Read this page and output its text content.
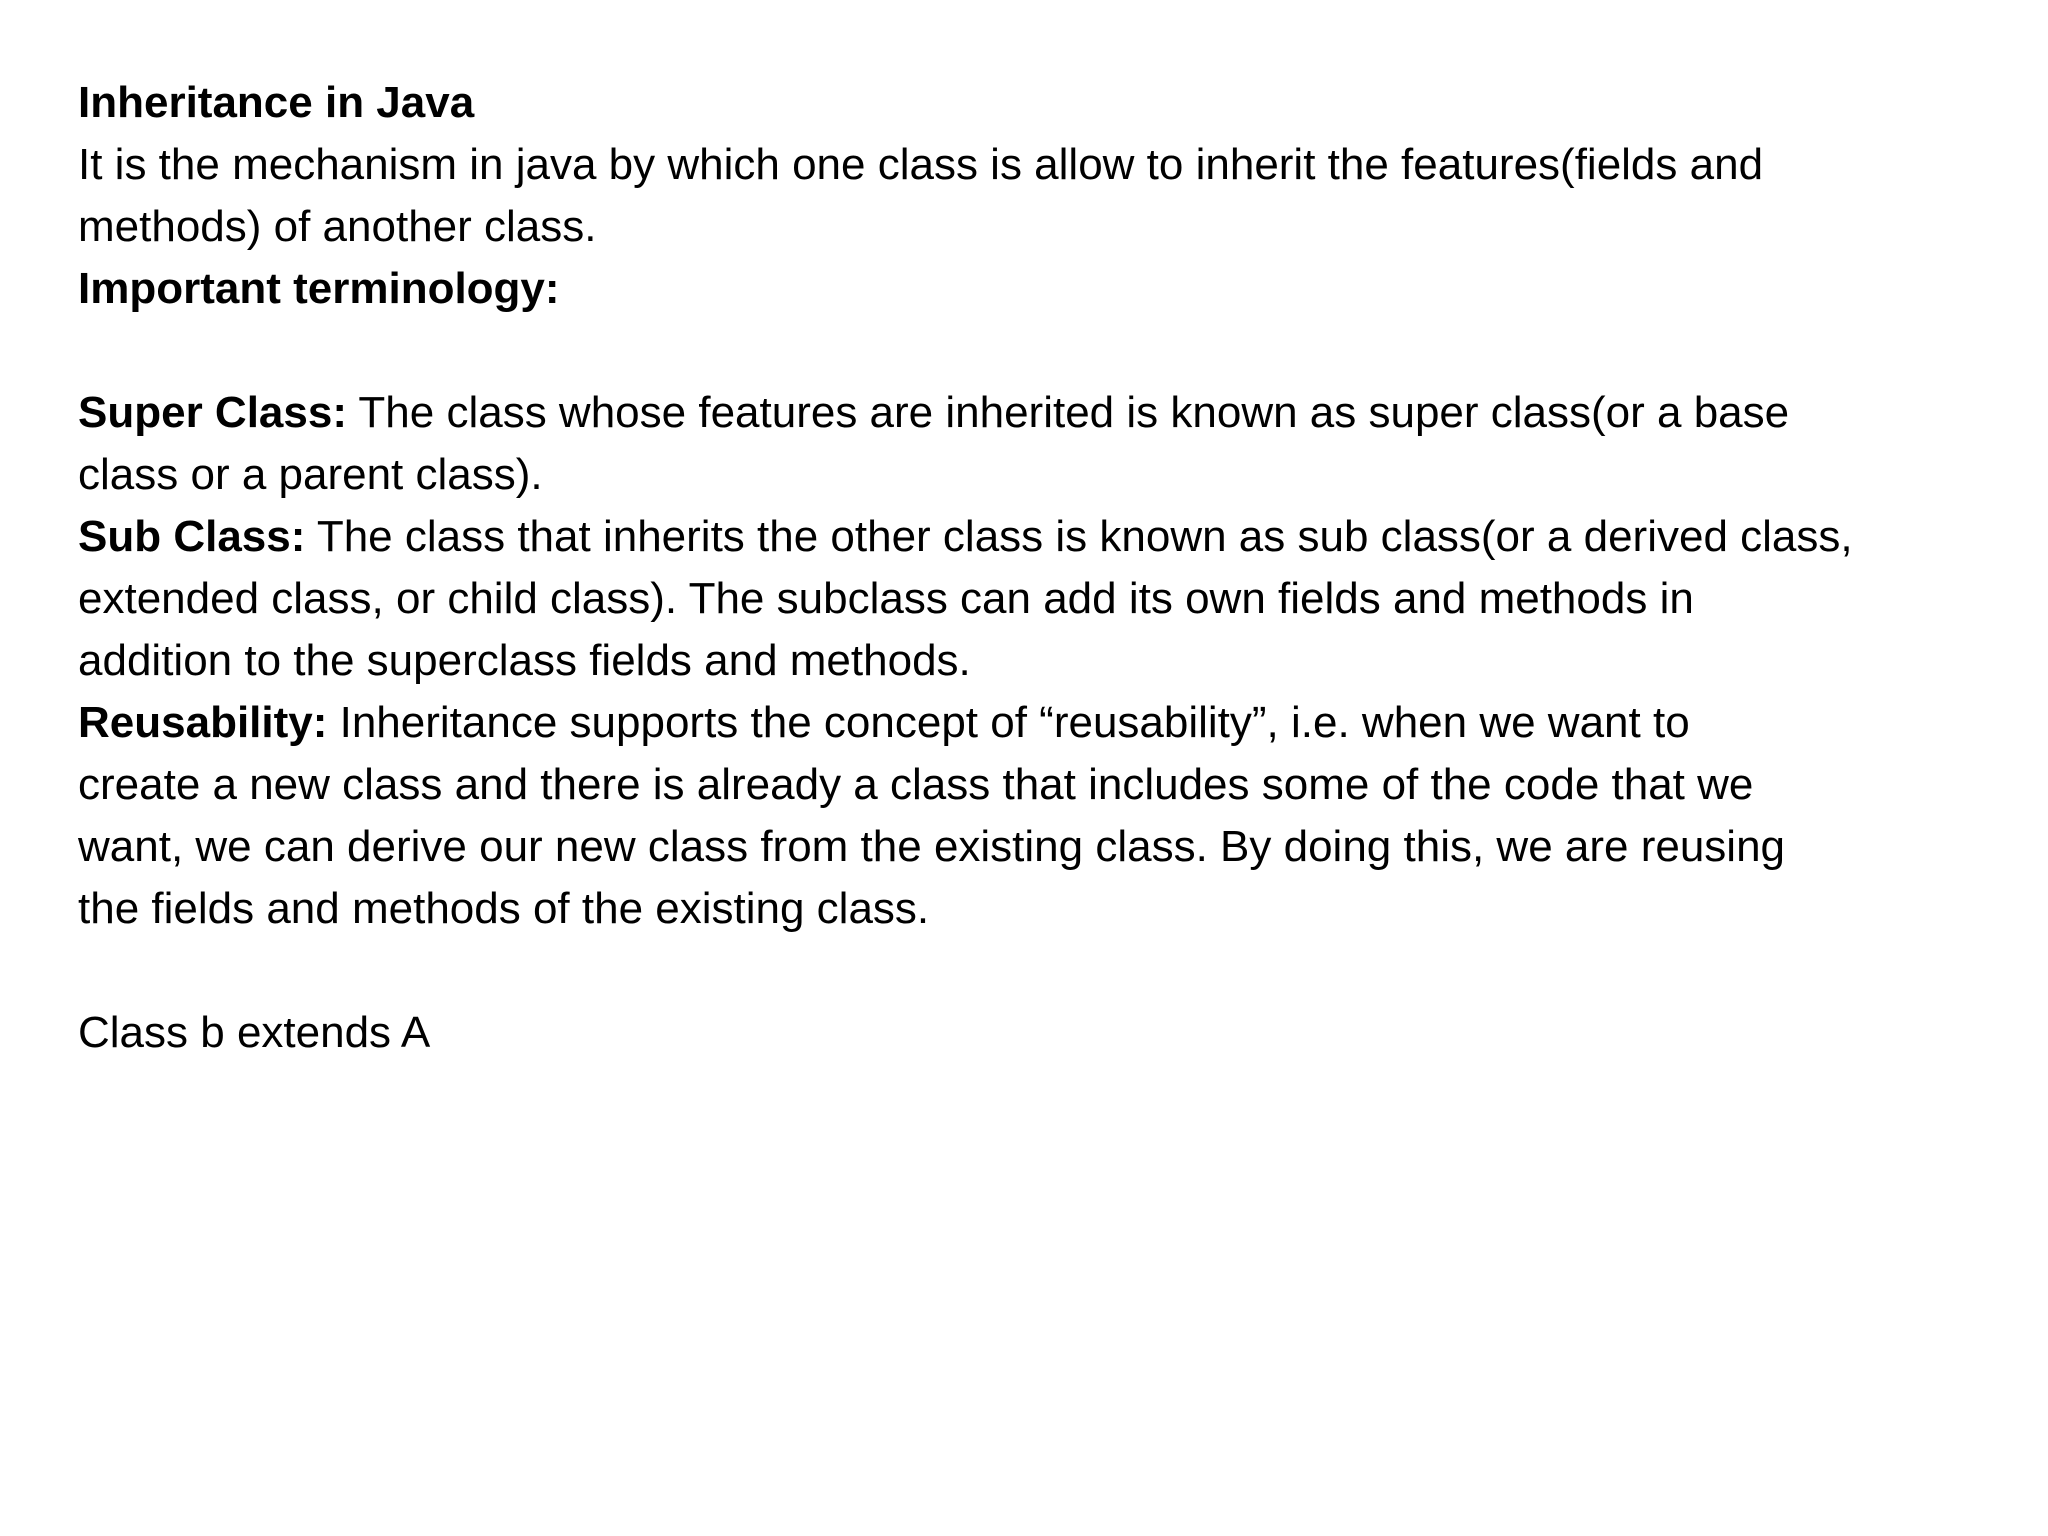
Inheritance in Java
It is the mechanism in java by which one class is allow to inherit the features(fields and
methods) of another class.
Important terminology:
Super Class: The class whose features are inherited is known as super class(or a base
class or a parent class).
Sub Class: The class that inherits the other class is known as sub class(or a derived class,
extended class, or child class). The subclass can add its own fields and methods in
addition to the superclass fields and methods.
Reusability: Inheritance supports the concept of “reusability”, i.e. when we want to
create a new class and there is already a class that includes some of the code that we
want, we can derive our new class from the existing class. By doing this, we are reusing
the fields and methods of the existing class.
Class b extends A
